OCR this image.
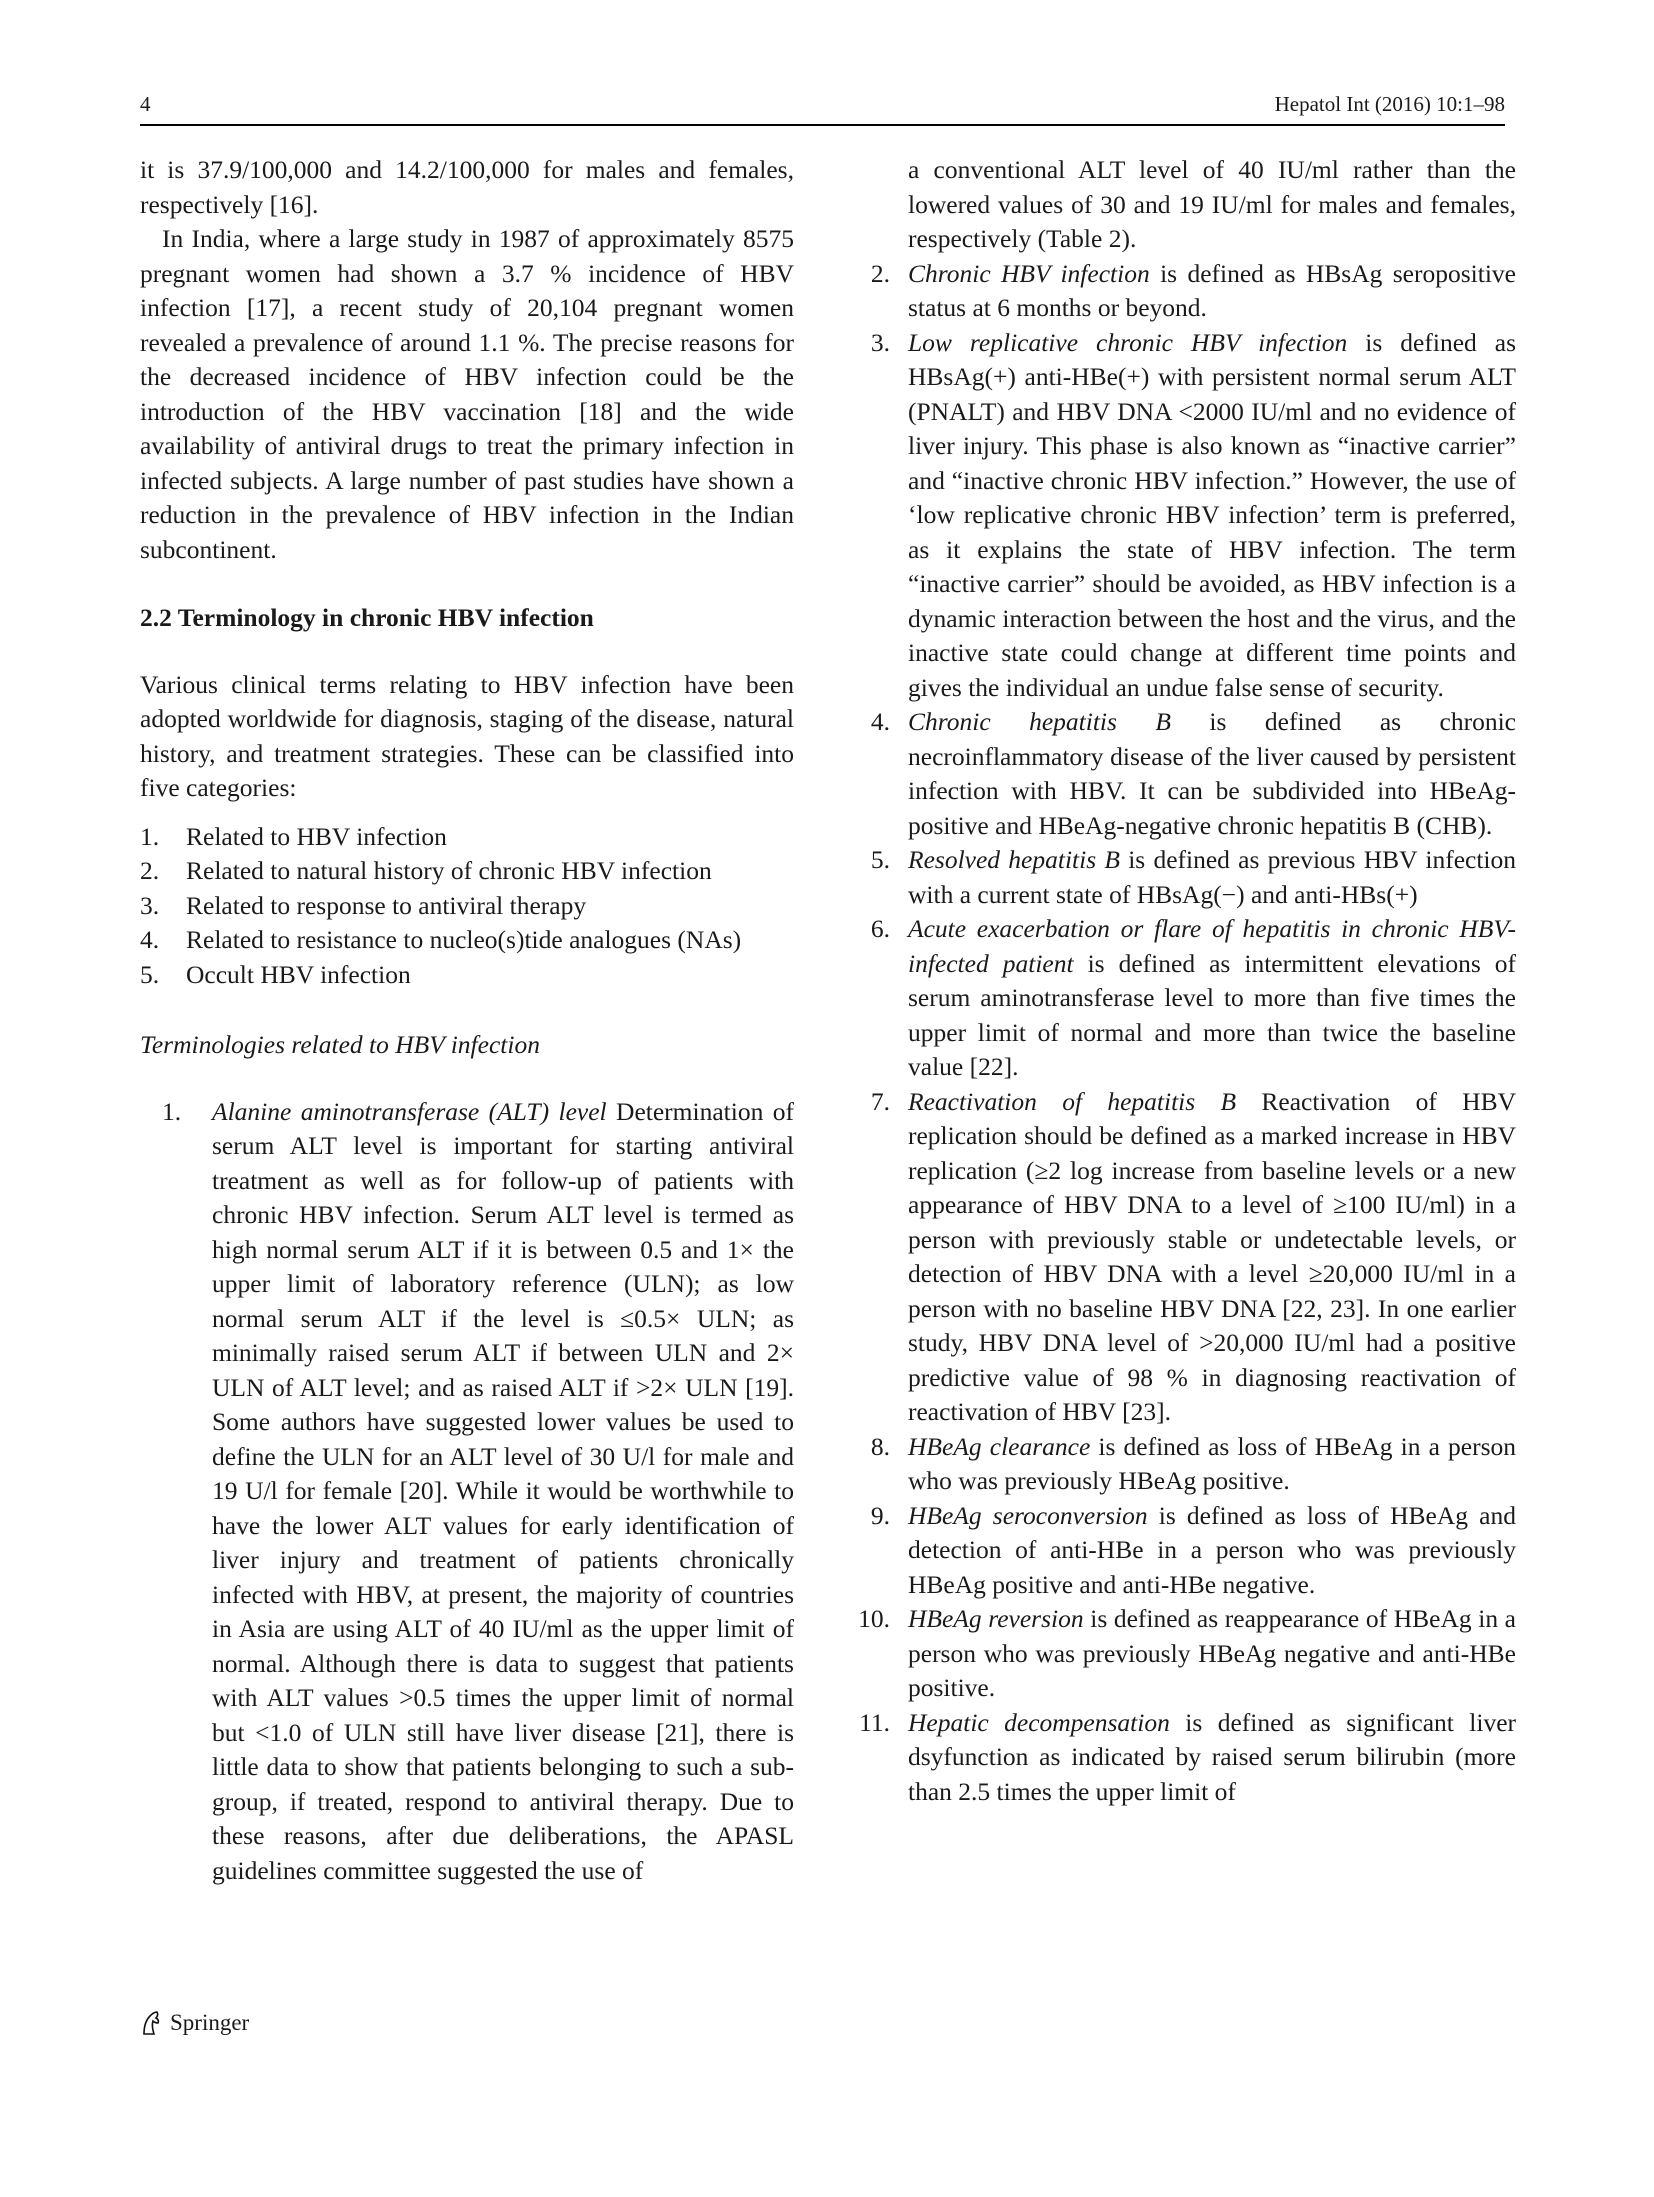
4	Hepatol Int (2016) 10:1–98

it is 37.9/100,000 and 14.2/100,000 for males and females, respectively [16].

In India, where a large study in 1987 of approximately 8575 pregnant women had shown a 3.7 % incidence of HBV infection [17], a recent study of 20,104 pregnant women revealed a prevalence of around 1.1 %. The precise reasons for the decreased incidence of HBV infection could be the introduction of the HBV vaccination [18] and the wide availability of antiviral drugs to treat the primary infection in infected subjects. A large number of past studies have shown a reduction in the prevalence of HBV infection in the Indian subcontinent.

2.2 Terminology in chronic HBV infection

Various clinical terms relating to HBV infection have been adopted worldwide for diagnosis, staging of the disease, natural history, and treatment strategies. These can be classified into five categories:

1.	Related to HBV infection
2.	Related to natural history of chronic HBV infection
3.	Related to response to antiviral therapy
4.	Related to resistance to nucleo(s)tide analogues (NAs)
5.	Occult HBV infection

Terminologies related to HBV infection

1.	Alanine aminotransferase (ALT) level Determination of serum ALT level is important for starting antiviral treatment as well as for follow-up of patients with chronic HBV infection. Serum ALT level is termed as high normal serum ALT if it is between 0.5 and 1× the upper limit of laboratory reference (ULN); as low normal serum ALT if the level is ≤0.5× ULN; as minimally raised serum ALT if between ULN and 2× ULN of ALT level; and as raised ALT if >2× ULN [19]. Some authors have suggested lower values be used to define the ULN for an ALT level of 30 U/l for male and 19 U/l for female [20]. While it would be worthwhile to have the lower ALT values for early identification of liver injury and treatment of patients chronically infected with HBV, at present, the majority of countries in Asia are using ALT of 40 IU/ml as the upper limit of normal. Although there is data to suggest that patients with ALT values >0.5 times the upper limit of normal but <1.0 of ULN still have liver disease [21], there is little data to show that patients belonging to such a sub-group, if treated, respond to antiviral therapy. Due to these reasons, after due deliberations, the APASL guidelines committee suggested the use of

a conventional ALT level of 40 IU/ml rather than the lowered values of 30 and 19 IU/ml for males and females, respectively (Table 2).

2. Chronic HBV infection is defined as HBsAg seropositive status at 6 months or beyond.
3. Low replicative chronic HBV infection is defined as HBsAg(+) anti-HBe(+) with persistent normal serum ALT (PNALT) and HBV DNA <2000 IU/ml and no evidence of liver injury. This phase is also known as “inactive carrier” and “inactive chronic HBV infection.” However, the use of ‘low replicative chronic HBV infection’ term is preferred, as it explains the state of HBV infection. The term “inactive carrier” should be avoided, as HBV infection is a dynamic interaction between the host and the virus, and the inactive state could change at different time points and gives the individual an undue false sense of security.
4. Chronic hepatitis B is defined as chronic necroinflammatory disease of the liver caused by persistent infection with HBV. It can be subdivided into HBeAg-positive and HBeAg-negative chronic hepatitis B (CHB).
5. Resolved hepatitis B is defined as previous HBV infection with a current state of HBsAg(−) and anti-HBs(+)
6. Acute exacerbation or flare of hepatitis in chronic HBV-infected patient is defined as intermittent elevations of serum aminotransferase level to more than five times the upper limit of normal and more than twice the baseline value [22].
7. Reactivation of hepatitis B Reactivation of HBV replication should be defined as a marked increase in HBV replication (≥2 log increase from baseline levels or a new appearance of HBV DNA to a level of ≥100 IU/ml) in a person with previously stable or undetectable levels, or detection of HBV DNA with a level ≥20,000 IU/ml in a person with no baseline HBV DNA [22, 23]. In one earlier study, HBV DNA level of >20,000 IU/ml had a positive predictive value of 98 % in diagnosing reactivation of reactivation of HBV [23].
8. HBeAg clearance is defined as loss of HBeAg in a person who was previously HBeAg positive.
9. HBeAg seroconversion is defined as loss of HBeAg and detection of anti-HBe in a person who was previously HBeAg positive and anti-HBe negative.
10. HBeAg reversion is defined as reappearance of HBeAg in a person who was previously HBeAg negative and anti-HBe positive.
11. Hepatic decompensation is defined as significant liver dsyfunction as indicated by raised serum bilirubin (more than 2.5 times the upper limit of
Springer
